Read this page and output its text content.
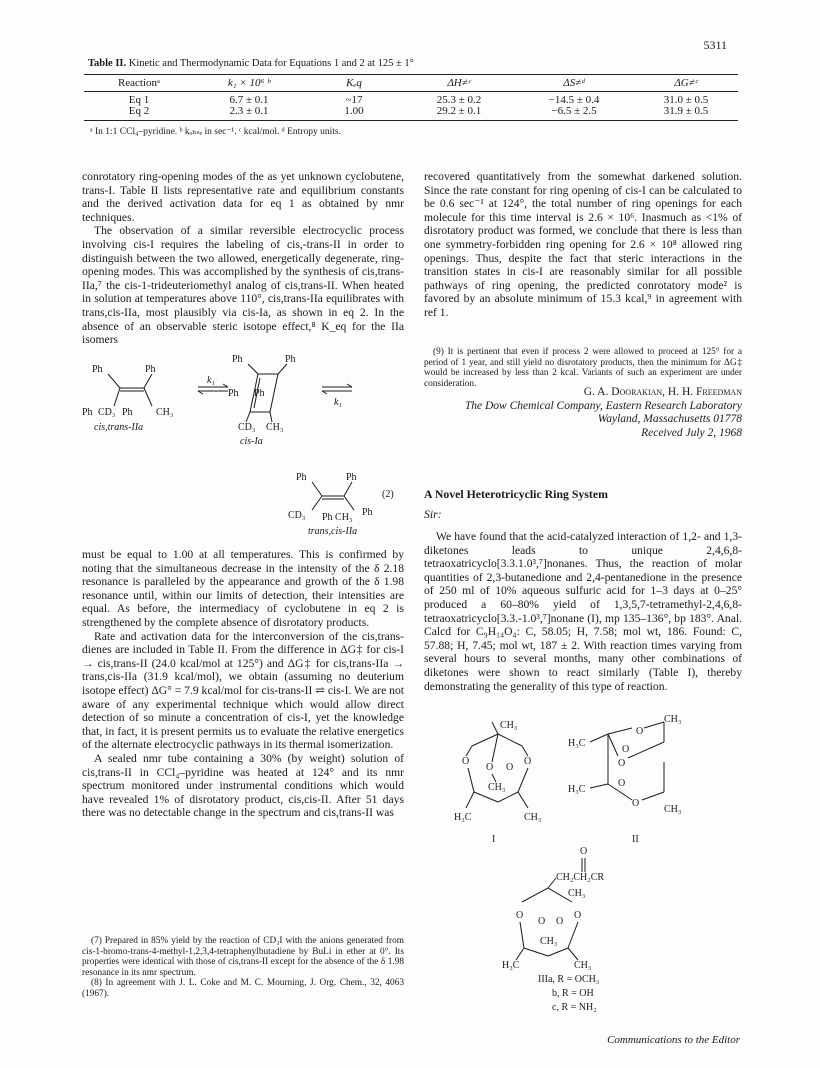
5311
Table II. Kinetic and Thermodynamic Data for Equations 1 and 2 at 125 ± 1°
Reactionᵃ	k₁ × 10⁶ ᵇ	Kₑq	ΔH≠ᶜ	ΔS≠ᵈ	ΔG≠ᶜ
Eq 1	6.7 ± 0.1	~17	25.3 ± 0.2	−14.5 ± 0.4	31.0 ± 0.5
Eq 2	2.3 ± 0.1	1.00	29.2 ± 0.1	−6.5 ± 2.5	31.9 ± 0.5
ᵃ In 1:1 CCl₄–pyridine. ᵇ kₒₕₛₑ in sec⁻¹. ᶜ kcal/mol. ᵈ Entropy units.

conrotatory ring-opening modes of the as yet unknown cyclobutene, trans-I. Table II lists representative rate and equilibrium constants and the derived activation data for eq 1 as obtained by nmr techniques.

The observation of a similar reversible electrocyclic process involving cis-I requires the labeling of cis,-trans-II in order to distinguish between the two allowed, energetically degenerate, ring-opening modes. This was accomplished by the synthesis of cis,trans-IIa,⁷ the cis-1-trideuteriomethyl analog of cis,trans-II. When heated in solution at temperatures above 110°, cis,trans-IIa equilibrates with trans,cis-IIa, most plausibly via cis-Ia, as shown in eq 2. In the absence of an observable steric isotope effect,⁸ K_eq for the IIa isomers

Ph	Ph
Ph CD₃ Ph CH₃
cis,trans-IIa
k₁
Ph	Ph
Ph Ph
CD₃ CH₃
cis-Ia
k₁
Ph	Ph
CD₃ Ph CH₃ Ph
(2)
trans,cis-IIa

must be equal to 1.00 at all temperatures. This is confirmed by noting that the simultaneous decrease in the intensity of the δ 2.18 resonance is paralleled by the appearance and growth of the δ 1.98 resonance until, within our limits of detection, their intensities are equal. As before, the intermediacy of cyclobutene in eq 2 is strengthened by the complete absence of disrotatory products.

Rate and activation data for the interconversion of the cis,trans-dienes are included in Table II. From the difference in ΔG‡ for cis-I → cis,trans-II (24.0 kcal/mol at 125°) and ΔG‡ for cis,trans-IIa → trans,cis-IIa (31.9 kcal/mol), we obtain (assuming no deuterium isotope effect) ΔG° = 7.9 kcal/mol for cis-trans-II ⇌ cis-I. We are not aware of any experimental technique which would allow direct detection of so minute a concentration of cis-I, yet the knowledge that, in fact, it is present permits us to evaluate the relative energetics of the alternate electrocyclic pathways in its thermal isomerization.

A sealed nmr tube containing a 30% (by weight) solution of cis,trans-II in CCl₄–pyridine was heated at 124° and its nmr spectrum monitored under instrumental conditions which would have revealed 1% of disrotatory product, cis,cis-II. After 51 days there was no detectable change in the spectrum and cis,trans-II was

(7) Prepared in 85% yield by the reaction of CD₃I with the anions generated from cis-1-bromo-trans-4-methyl-1,2,3,4-tetraphenylbutadiene by BuLi in ether at 0°. Its properties were identical with those of cis,trans-II except for the absence of the δ 1.98 resonance in its nmr spectrum.

(8) In agreement with J. L. Coke and M. C. Mourning, J. Org. Chem., 32, 4063 (1967).

recovered quantitatively from the somewhat darkened solution. Since the rate constant for ring opening of cis-I can be calculated to be 0.6 sec⁻¹ at 124°, the total number of ring openings for each molecule for this time interval is 2.6 × 10⁶. Inasmuch as <1% of disrotatory product was formed, we conclude that there is less than one symmetry-forbidden ring opening for 2.6 × 10⁸ allowed ring openings. Thus, despite the fact that steric interactions in the transition states in cis-I are reasonably similar for all possible pathways of ring opening, the predicted conrotatory mode² is favored by an absolute minimum of 15.3 kcal,⁹ in agreement with ref 1.

(9) It is pertinent that even if process 2 were allowed to proceed at 125° for a period of 1 year, and still yield no disrotatory products, then the minimum for ΔG‡ would be increased by less than 2 kcal. Variants of such an experiment are under consideration.

G. A. Doorakian, H. H. Freedman
The Dow Chemical Company, Eastern Research Laboratory
Wayland, Massachusetts 01778
Received July 2, 1968
A Novel Heterotricyclic Ring System
Sir:

We have found that the acid-catalyzed interaction of 1,2- and 1,3-diketones leads to unique 2,4,6,8-tetraoxatricyclo[3.3.1.0³,⁷]nonanes. Thus, the reaction of molar quantities of 2,3-butanedione and 2,4-pentanedione in the presence of 250 ml of 10% aqueous sulfuric acid for 1–3 days at 0–25° produced a 60–80% yield of 1,3,5,7-tetramethyl-2,4,6,8-tetraoxatricyclo[3.3.-1.0³,⁷]nonane (I), mp 135–136°, bp 183°. Anal. Calcd for C₉H₁₄O₄: C, 58.05; H, 7.58; mol wt, 186. Found: C, 57.88; H, 7.45; mol wt, 187 ± 2. With reaction times varying from several hours to several months, many other combinations of diketones were shown to react similarly (Table I), thereby demonstrating the generality of this type of reaction.

CH₃
O	O
O O
CH₃
H₃C	CH₃
I
H₃C
O
CH₃
O
O
H₃C
O
O
CH₃
II
O
CH₂CH₂CR
CH₃
O	O
O O
CH₃
H₃C	CH₃
IIIa, R = OCH₃
b, R = OH
c, R = NH₂
Communications to the Editor
